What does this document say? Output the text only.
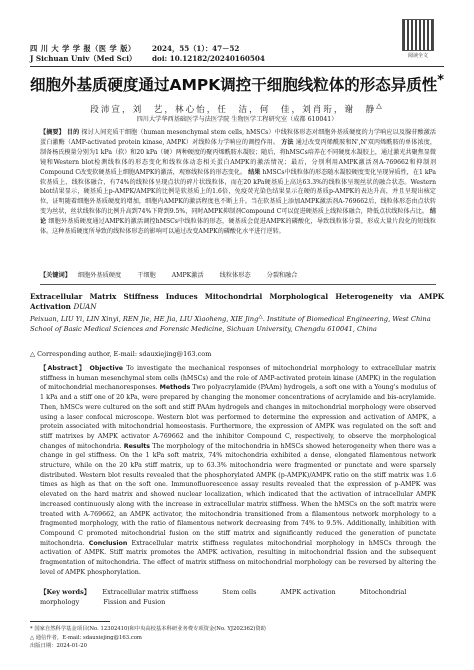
四 川 大 学 学 报（医 学 版）
J Sichuan Univ（Med Sci）
2024，55（1）：47－52
doi: 10.12182/20240160504	阅读全文
细胞外基质硬度通过AMPK调控干细胞线粒体的形态异质性*
段沛宣，刘　艺，林心怡，任　洁，何　佳，刘肖珩，谢　静△
四川大学华西基础医学与法医学院 生物医学工程研究室（成都 610041）
【摘要】 目的 探讨人间充质干细胞（human mesenchymal stem cells, hMSCs）中线粒体形态对细胞外基质硬度的力学响应以及腺苷酸激活蛋白激酶（AMP-activated protein kinase, AMPK）对线粒体力学响应的调控作用。 方法 通过改变丙烯酰胺和N',N'双丙烯酰胺的单体浓度，制备杨氏模量分别为1 kPa（软）和20 kPa（硬）两种硬度的聚丙烯酰胺水凝胶；随后，将hMSCs培养在不同硬度水凝胶上，通过激光共聚焦显微镜和Western blot检测线粒体的形态变化和线粒体动态相关蛋白AMPK的激活情况；最后，分别利用AMPK激活剂A-769662和抑制剂Compound C改变软硬基质上细胞AMPK的激活，观察线粒体的形态变化。 结果 hMSCs中线粒体的形态随水凝胶硬度变化呈现异质性，在1 kPa软基质上，线粒体融合，有74%的线粒体呈现点状的碎片状线粒体，而在20 kPa硬基质上高达63.3%的线粒体呈现丝状的融合状态。Western blot结果显示，硬基质上p-AMPK/AMPK的比例是软基质上的1.6倍，免疫荧光染色结果显示在硬的基质p-AMPK的表达升高，并且呈现出核定位，证明随着细胞外基质硬度的增加，细胞内AMPK的激活程度也不断上升。当在软基质上添加AMPK激活剂A-769662后，线粒体形态由点状转变为丝状，丝状线粒体的比例升高到74%下降到9.5%，同时AMPK抑制剂Compound C可以促进硬基质上线粒体融合，降低点状线粒体占比。 结论 细胞外基质硬度通过AMPK的激活调控hMSCs中线粒体的形态，硬基质会促进AMPK的磷酸化，导致线粒体分裂，形成大量片段化的短线粒体。这种基质硬度所导致的线粒体形态的影响可以通过改变AMPK的磷酸化水平进行逆转。
【关键词】 细胞外基质硬度	干细胞	AMPK激活	线粒体形态	分裂和融合
Extracellular Matrix Stiffness Induces Mitochondrial Morphological Heterogeneity via AMPK Activation DUAN
Peixuan, LIU Yi, LIN Xinyi, REN Jie, HE Jia, LIU Xiaoheng, XIE Jing△. Institute of Biomedical Engineering, West China School of Basic Medical Sciences and Forensic Medicine, Sichuan University, Chengdu 610041, China
△ Corresponding author, E-mail: sdauxiejing@163.com
【Abstract】 Objective To investigate the mechanical responses of mitochondrial morphology to extracellular matrix stiffness in human mesenchymal stem cells (hMSCs) and the role of AMP-activated protein kinase (AMPK) in the regulation of mitochondrial mechanoresponses. Methods Two polyacrylamide (PAAm) hydrogels, a soft one with a Young's modulus of 1 kPa and a stiff one of 20 kPa, were prepared by changing the monomer concentrations of acrylamide and bis-acrylamide. Then, hMSCs were cultured on the soft and stiff PAAm hydrogels and changes in mitochondrial morphology were observed using a laser confocal microscope. Western blot was performed to determine the expression and activation of AMPK, a protein associated with mitochondrial homeostasis. Furthermore, the expression of AMPK was regulated on the soft and stiff matrixes by AMPK activator A-769662 and the inhibitor Compound C, respectively, to observe the morphological changes of mitochondria. Results The morphology of the mitochondria in hMSCs showed heterogeneity when there was a change in gel stiffness. On the 1 kPa soft matrix, 74% mitochondria exhibited a dense, elongated filamentous network structure, while on the 20 kPa stiff matrix, up to 63.3% mitochondria were fragmented or punctate and were sparsely distributed. Western blot results revealed that the phosphorylated AMPK (p-AMPK)/AMPK ratio on the stiff matrix was 1.6 times as high as that on the soft one. Immunofluorescence assay results revealed that the expression of p-AMPK was elevated on the hard matrix and showed nuclear localization, which indicated that the activation of intracellular AMPK increased continuously along with the increase in extracellular matrix stiffness. When the hMSCs on the soft matrix were treated with A-769662, an AMPK activator, the mitochondria transitioned from a filamentous network morphology to a fragmented morphology, with the ratio of filamentous network decreasing from 74% to 9.5%. Additionally, inhibition with Compound C promoted mitochondrial fusion on the stiff matrix and significantly reduced the generation of punctate mitochondria. Conclusion Extracellular matrix stiffness regulates mitochondrial morphology in hMSCs through the activation of AMPK. Stiff matrix promotes the AMPK activation, resulting in mitochondrial fission and the subsequent fragmentation of mitochondria. The effect of matrix stiffness on mitochondrial morphology can be reversed by altering the level of AMPK phosphorylation.
【Key words】 Extracellular matrix stiffness	Stem cells	AMPK activation	Mitochondrial morphology	Fission and Fusion
* 国家自然科学基金项目(No. 12302410)和中央高校基本科研业务费专项资金(No. YJ202362)资助
△ 通信作者，E-mail: sdauxiejing@163.com
出版日期：2024-01-20
